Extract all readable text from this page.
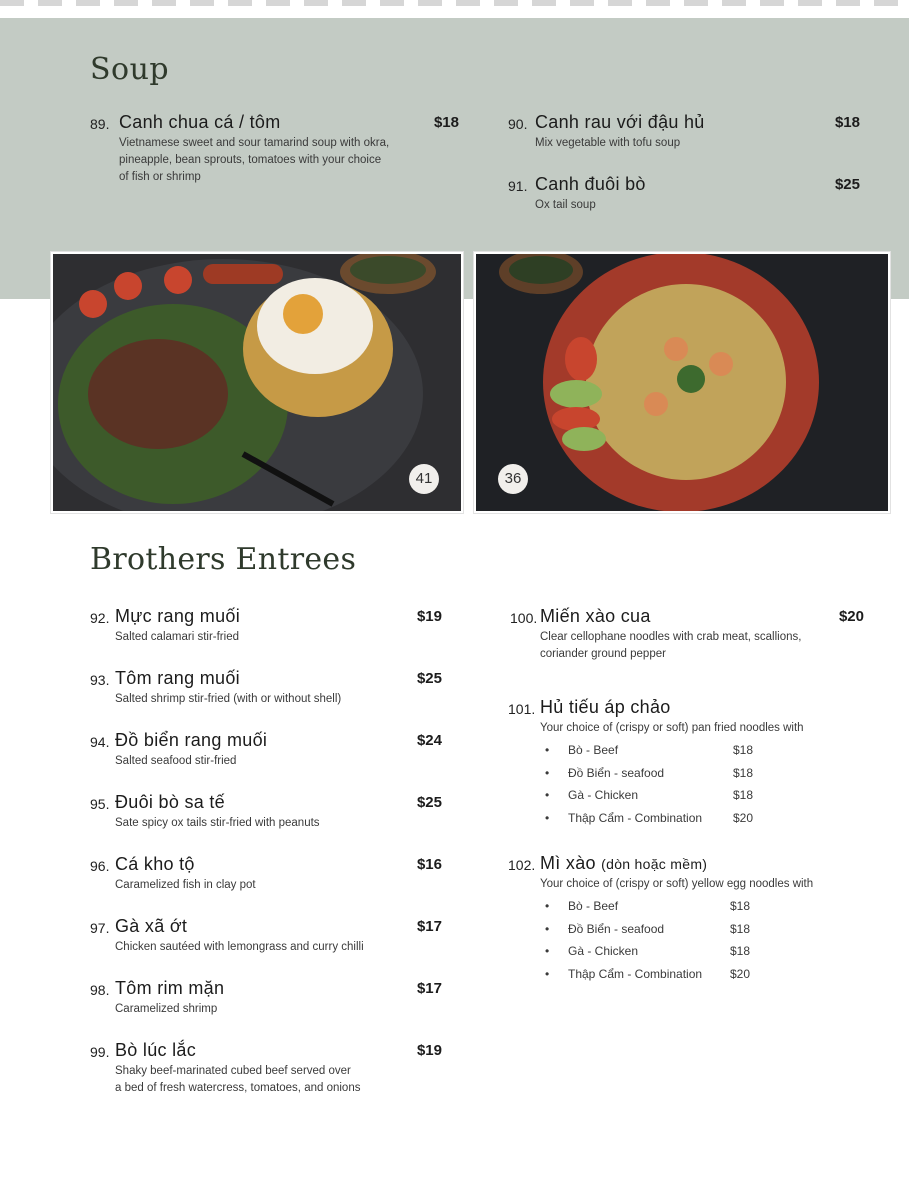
Soup
89. Canh chua cá / tôm	$18
Vietnamese sweet and sour tamarind soup with okra,
pineapple, bean sprouts, tomatoes with your choice
of fish or shrimp
90. Canh rau với đậu hủ	$18
Mix vegetable with tofu soup
91. Canh đuôi bò	$25
Ox tail soup
41	36
Brothers Entrees
92. Mực rang muối	$19
Salted calamari stir-fried
93. Tôm rang muối	$25
Salted shrimp stir-fried (with or without shell)
94. Đồ biển rang muối	$24
Salted seafood stir-fried
95. Đuôi bò sa tế	$25
Sate spicy ox tails stir-fried with peanuts
96. Cá kho tộ	$16
Caramelized fish in clay pot
97. Gà xã ớt	$17
Chicken sautéed with lemongrass and curry chilli
98. Tôm rim mặn	$17
Caramelized shrimp
99. Bò lúc lắc	$19
Shaky beef-marinated cubed beef served over
a bed of fresh watercress, tomatoes, and onions
100. Miến xào cua	$20
Clear cellophane noodles with crab meat, scallions,
coriander ground pepper
101. Hủ tiếu áp chảo
Your choice of (crispy or soft) pan fried noodles with
• Bò - Beef	$18
• Đồ Biển - seafood	$18
• Gà - Chicken	$18
• Thập Cẩm - Combination	$20
102. Mì xào (dòn hoặc mềm)
Your choice of (crispy or soft) yellow egg noodles with
• Bò - Beef	$18
• Đồ Biển - seafood	$18
• Gà - Chicken	$18
• Thập Cẩm - Combination $20
